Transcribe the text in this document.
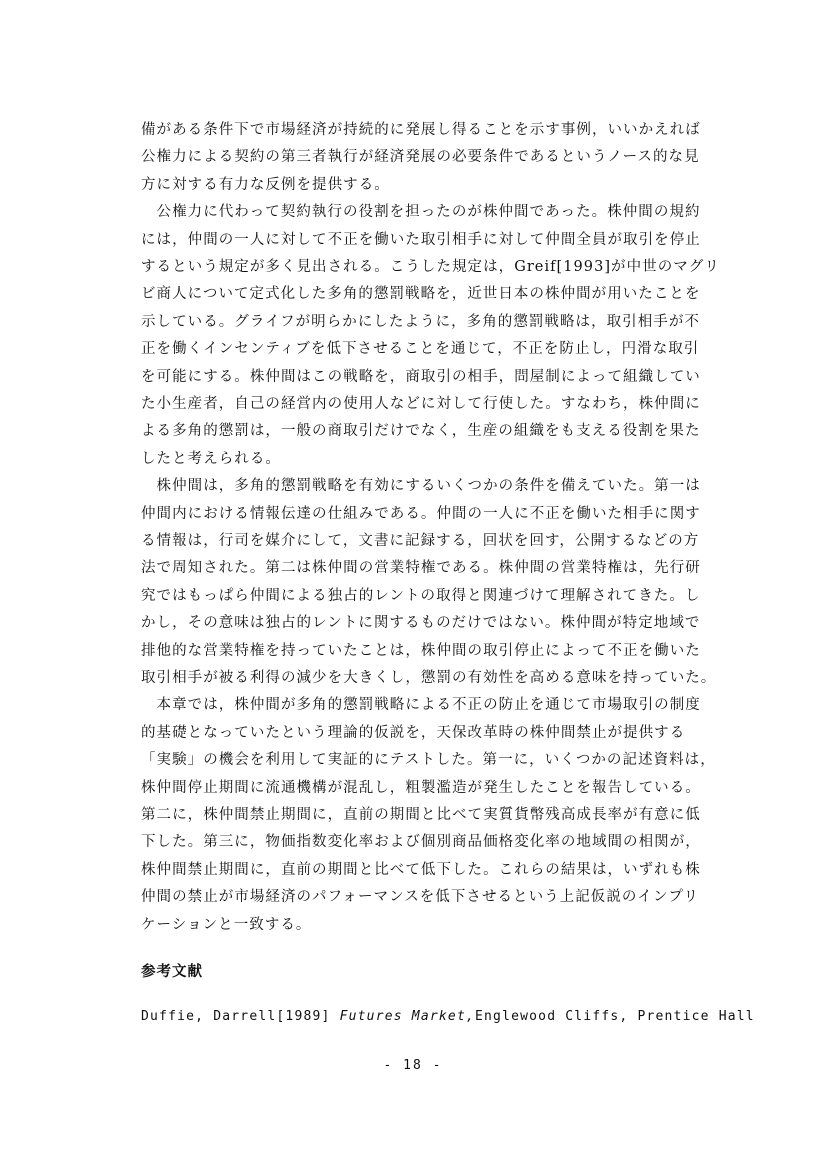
備がある条件下で市場経済が持続的に発展し得ることを示す事例，いいかえれば
公権力による契約の第三者執行が経済発展の必要条件であるというノース的な見
方に対する有力な反例を提供する。
　公権力に代わって契約執行の役割を担ったのが株仲間であった。株仲間の規約
には，仲間の一人に対して不正を働いた取引相手に対して仲間全員が取引を停止
するという規定が多く見出される。こうした規定は，Greif[1993]が中世のマグリ
ビ商人について定式化した多角的懲罰戦略を，近世日本の株仲間が用いたことを
示している。グライフが明らかにしたように，多角的懲罰戦略は，取引相手が不
正を働くインセンティブを低下させることを通じて，不正を防止し，円滑な取引
を可能にする。株仲間はこの戦略を，商取引の相手，問屋制によって組織してい
た小生産者，自己の経営内の使用人などに対して行使した。すなわち，株仲間に
よる多角的懲罰は，一般の商取引だけでなく，生産の組織をも支える役割を果た
したと考えられる。
　株仲間は，多角的懲罰戦略を有効にするいくつかの条件を備えていた。第一は
仲間内における情報伝達の仕組みである。仲間の一人に不正を働いた相手に関す
る情報は，行司を媒介にして，文書に記録する，回状を回す，公開するなどの方
法で周知された。第二は株仲間の営業特権である。株仲間の営業特権は，先行研
究ではもっぱら仲間による独占的レントの取得と関連づけて理解されてきた。し
かし，その意味は独占的レントに関するものだけではない。株仲間が特定地域で
排他的な営業特権を持っていたことは，株仲間の取引停止によって不正を働いた
取引相手が被る利得の減少を大きくし，懲罰の有効性を高める意味を持っていた。
　本章では，株仲間が多角的懲罰戦略による不正の防止を通じて市場取引の制度
的基礎となっていたという理論的仮説を，天保改革時の株仲間禁止が提供する
「実験」の機会を利用して実証的にテストした。第一に，いくつかの記述資料は，
株仲間停止期間に流通機構が混乱し，粗製濫造が発生したことを報告している。
第二に，株仲間禁止期間に，直前の期間と比べて実質貨幣残高成長率が有意に低
下した。第三に，物価指数変化率および個別商品価格変化率の地域間の相関が，
株仲間禁止期間に，直前の期間と比べて低下した。これらの結果は，いずれも株
仲間の禁止が市場経済のパフォーマンスを低下させるという上記仮説のインプリ
ケーションと一致する。
参考文献
Duffie, Darrell[1989] Futures Market,Englewood Cliffs, Prentice Hall
- 18 -
